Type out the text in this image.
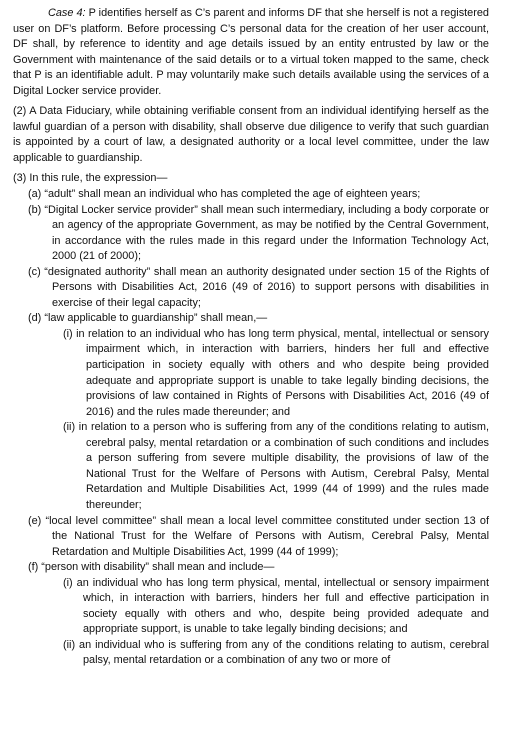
Case 4: P identifies herself as C’s parent and informs DF that she herself is not a registered user on DF’s platform. Before processing C’s personal data for the creation of her user account, DF shall, by reference to identity and age details issued by an entity entrusted by law or the Government with maintenance of the said details or to a virtual token mapped to the same, check that P is an identifiable adult. P may voluntarily make such details available using the services of a Digital Locker service provider.

(2) A Data Fiduciary, while obtaining verifiable consent from an individual identifying herself as the lawful guardian of a person with disability, shall observe due diligence to verify that such guardian is appointed by a court of law, a designated authority or a local level committee, under the law applicable to guardianship.

(3) In this rule, the expression—

(a) “adult” shall mean an individual who has completed the age of eighteen years;

(b) “Digital Locker service provider” shall mean such intermediary, including a body corporate or an agency of the appropriate Government, as may be notified by the Central Government, in accordance with the rules made in this regard under the Information Technology Act, 2000 (21 of 2000);

(c) “designated authority” shall mean an authority designated under section 15 of the Rights of Persons with Disabilities Act, 2016 (49 of 2016) to support persons with disabilities in exercise of their legal capacity;

(d) “law applicable to guardianship” shall mean,—

(i) in relation to an individual who has long term physical, mental, intellectual or sensory impairment which, in interaction with barriers, hinders her full and effective participation in society equally with others and who despite being provided adequate and appropriate support is unable to take legally binding decisions, the provisions of law contained in Rights of Persons with Disabilities Act, 2016 (49 of 2016) and the rules made thereunder; and

(ii) in relation to a person who is suffering from any of the conditions relating to autism, cerebral palsy, mental retardation or a combination of such conditions and includes a person suffering from severe multiple disability, the provisions of law of the National Trust for the Welfare of Persons with Autism, Cerebral Palsy, Mental Retardation and Multiple Disabilities Act, 1999 (44 of 1999) and the rules made thereunder;

(e) “local level committee” shall mean a local level committee constituted under section 13 of the National Trust for the Welfare of Persons with Autism, Cerebral Palsy, Mental Retardation and Multiple Disabilities Act, 1999 (44 of 1999);

(f) “person with disability” shall mean and include—

(i) an individual who has long term physical, mental, intellectual or sensory impairment which, in interaction with barriers, hinders her full and effective participation in society equally with others and who, despite being provided adequate and appropriate support, is unable to take legally binding decisions; and

(ii) an individual who is suffering from any of the conditions relating to autism, cerebral palsy, mental retardation or a combination of any two or more of
